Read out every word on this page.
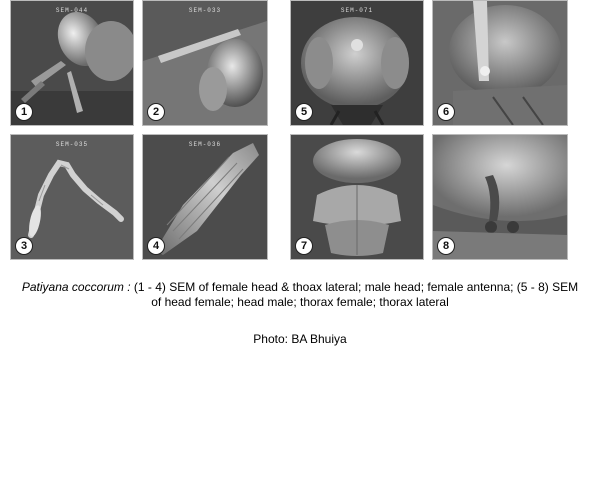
SEM-044
1
SEM-033
2
SEM-071
5	6
SEM-035
3
SEM-036
4	7	8
Patiyana coccorum : (1 - 4) SEM of female head & thoax lateral; male head; female antenna; (5 - 8) SEM
of head female; head male; thorax female; thorax lateral
Photo: BA Bhuiya
